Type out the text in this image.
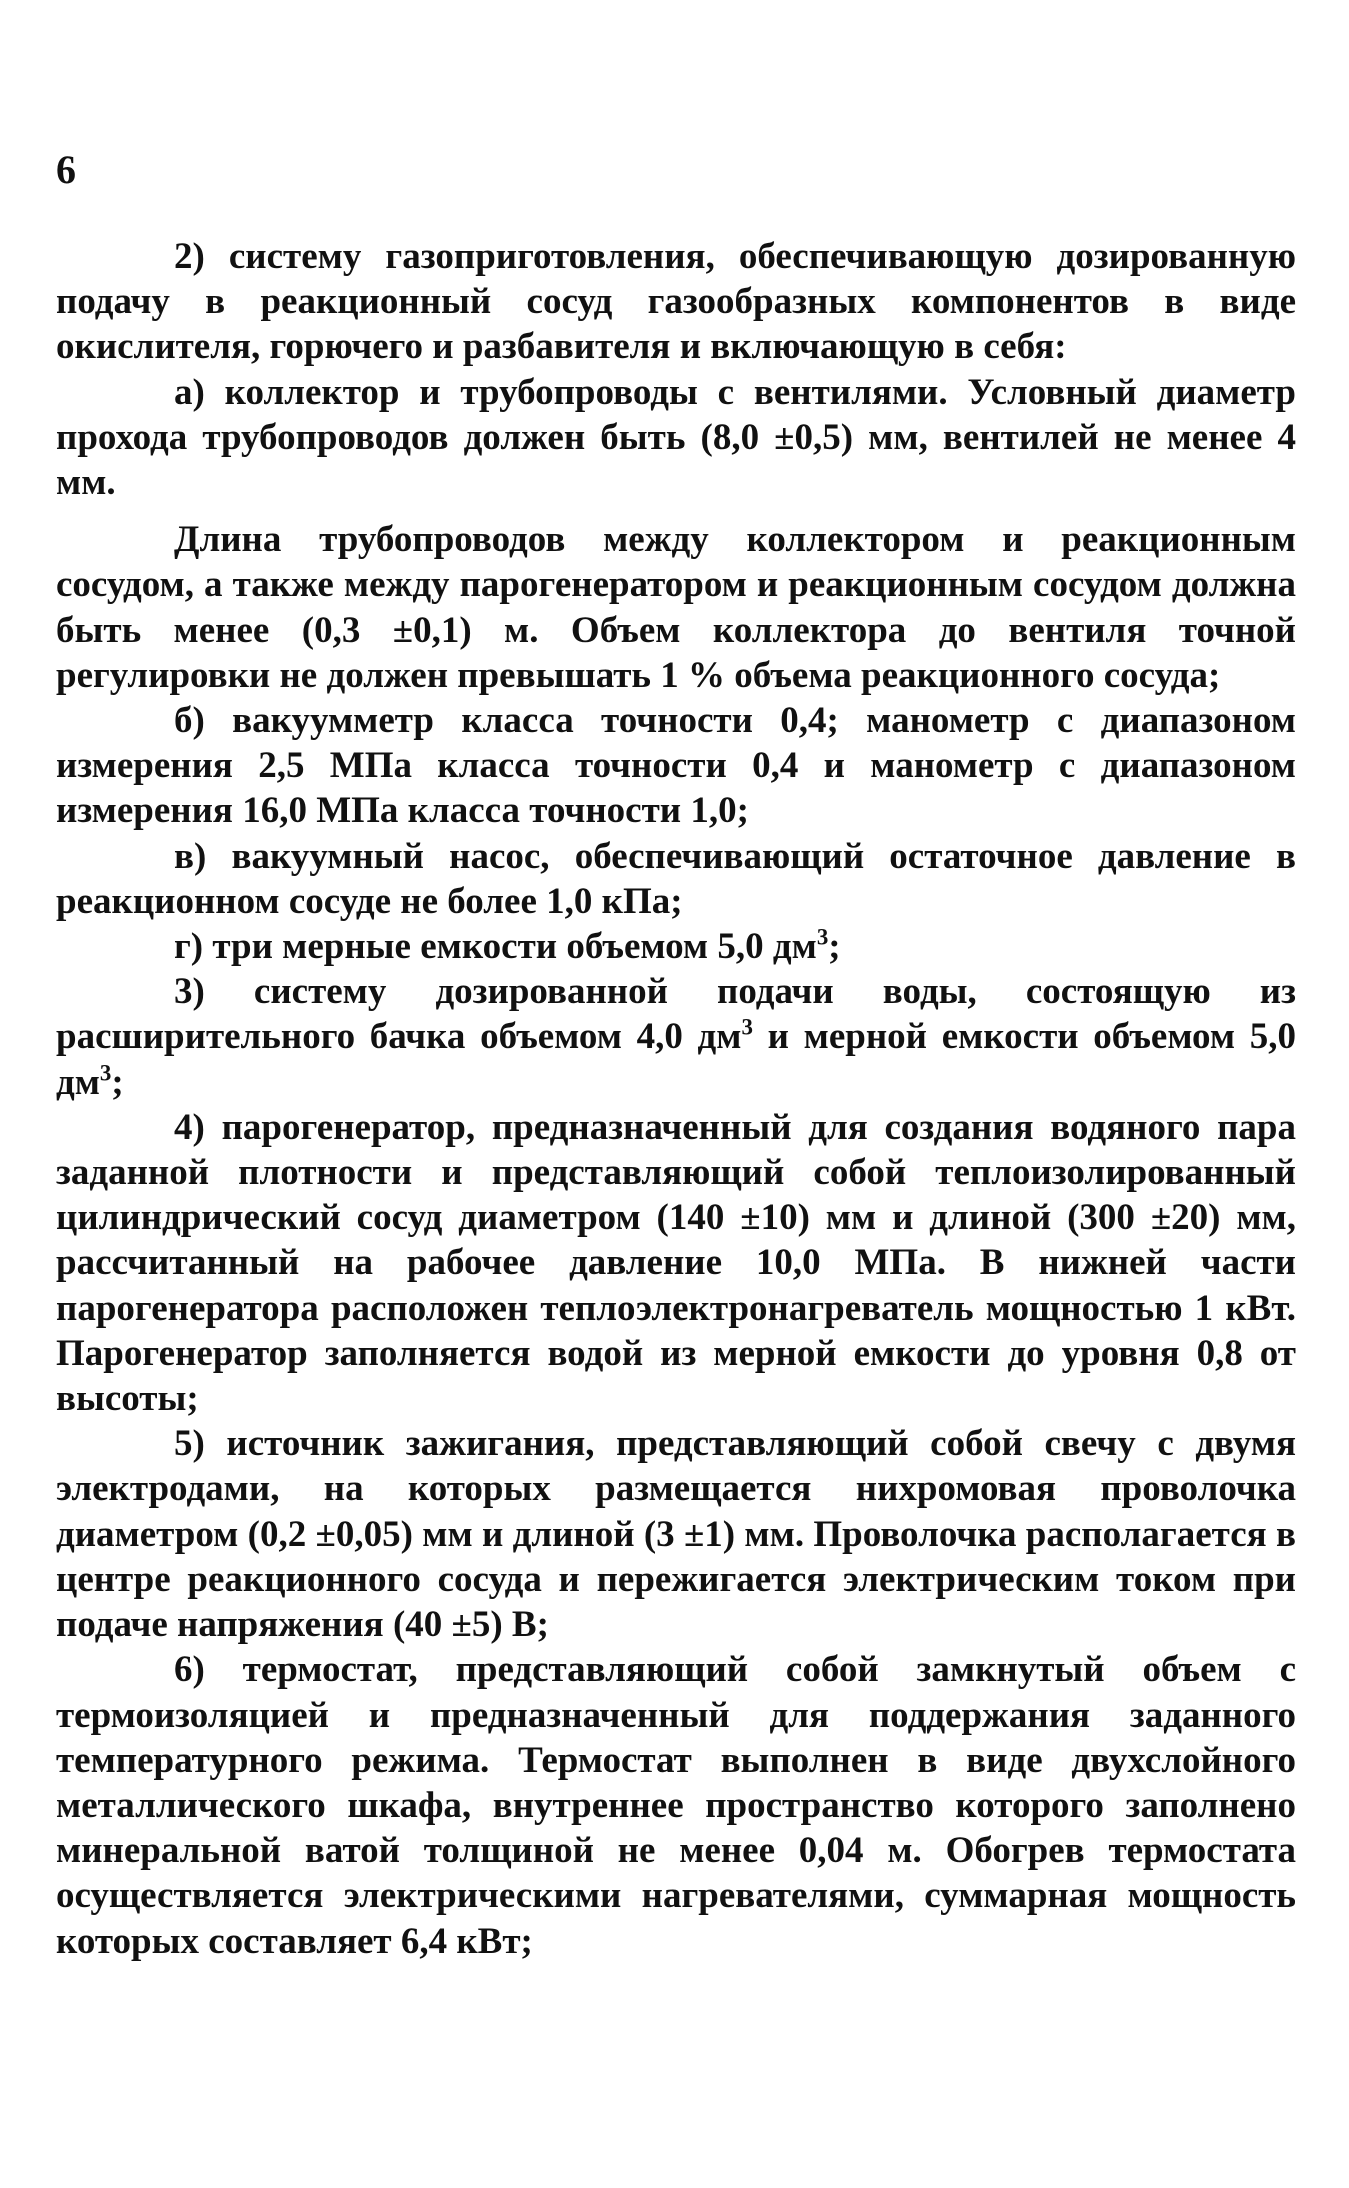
6

2) систему газоприготовления, обеспечивающую дозированную подачу в реакционный сосуд газообразных компонентов в виде окислителя, горючего и разбавителя и включающую в себя:

а) коллектор и трубопроводы с вентилями. Условный диаметр прохода трубопроводов должен быть (8,0 ±0,5) мм, вентилей не менее 4 мм.

Длина трубопроводов между коллектором и реакционным сосудом, а также между парогенератором и реакционным сосудом должна быть менее (0,3 ±0,1) м. Объем коллектора до вентиля точной регулировки не должен превышать 1 % объема реакционного сосуда;

б) вакуумметр класса точности 0,4; манометр с диапазоном измерения 2,5 МПа класса точности 0,4 и манометр с диапазоном измерения 16,0 МПа класса точности 1,0;

в) вакуумный насос, обеспечивающий остаточное давление в реакционном сосуде не более 1,0 кПа;

г) три мерные емкости объемом 5,0 $дм^3$;

3) систему дозированной подачи воды, состоящую из расширительного бачка объемом 4,0 $дм^3$ и мерной емкости объемом 5,0 $дм^3$;

4) парогенератор, предназначенный для создания водяного пара заданной плотности и представляющий собой теплоизолированный цилиндрический сосуд диаметром (140 ±10) мм и длиной (300 ±20) мм, рассчитанный на рабочее давление 10,0 МПа. В нижней части парогенератора расположен теплоэлектронагреватель мощностью 1 кВт. Парогенератор заполняется водой из мерной емкости до уровня 0,8 от высоты;

5) источник зажигания, представляющий собой свечу с двумя электродами, на которых размещается нихромовая проволочка диаметром (0,2 ±0,05) мм и длиной (3 ±1) мм. Проволочка располагается в центре реакционного сосуда и пережигается электрическим током при подаче напряжения (40 ±5) В;

6) термостат, представляющий собой замкнутый объем с термоизоляцией и предназначенный для поддержания заданного температурного режима. Термостат выполнен в виде двухслойного металлического шкафа, внутреннее пространство которого заполнено минеральной ватой толщиной не менее 0,04 м. Обогрев термостата осуществляется электрическими нагревателями, суммарная мощность которых составляет 6,4 кВт;
